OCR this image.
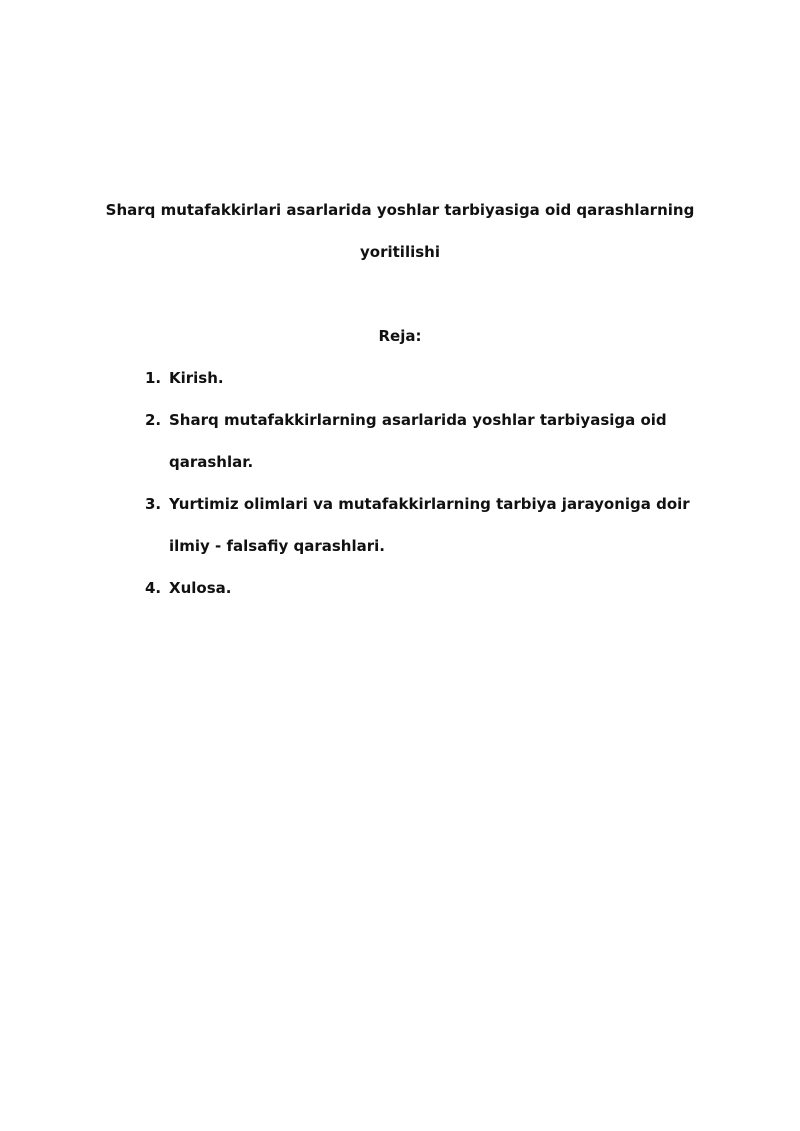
Sharq mutafakkirlari asarlarida yoshlar tarbiyasiga oid qarashlarning
yoritilishi
Reja:
1. Kirish.
2. Sharq mutafakkirlarning asarlarida yoshlar tarbiyasiga oid
qarashlar.
3. Yurtimiz olimlari va mutafakkirlarning tarbiya jarayoniga doir
ilmiy - falsafiy qarashlari.
4. Xulosa.
